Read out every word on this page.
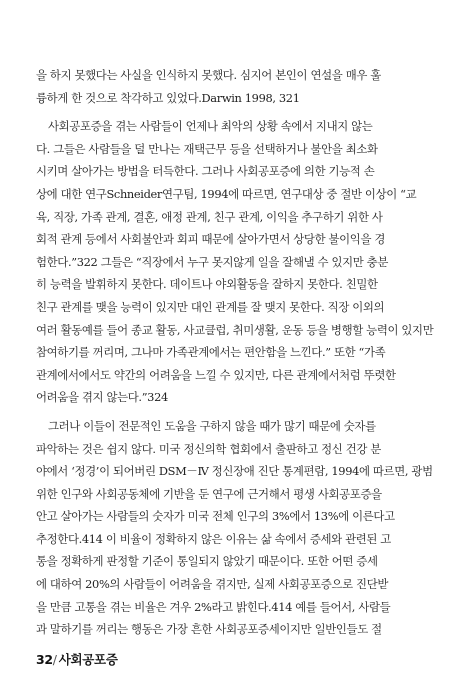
을 하지 못했다는 사실을 인식하지 못했다. 심지어 본인이 연설을 매우 훌
륭하게 한 것으로 착각하고 있었다.Darwin 1998, 321
사회공포증을 겪는 사람들이 언제나 최악의 상황 속에서 지내지 않는
다. 그들은 사람들을 덜 만나는 재택근무 등을 선택하거나 불안을 최소화
시키며 살아가는 방법을 터득한다. 그러나 사회공포증에 의한 기능적 손
상에 대한 연구Schneider연구팀, 1994에 따르면, 연구대상 중 절반 이상이 “교
육, 직장, 가족 관계, 결혼, 애정 관계, 친구 관계, 이익을 추구하기 위한 사
회적 관계 등에서 사회불안과 회피 때문에 살아가면서 상당한 불이익을 경
험한다.”322 그들은 “직장에서 누구 못지않게 일을 잘해낼 수 있지만 충분
히 능력을 발휘하지 못한다. 데이트나 야외활동을 잘하지 못한다. 친밀한
친구 관계를 맺을 능력이 있지만 대인 관계를 잘 맺지 못한다. 직장 이외의
여러 활동예를 들어 종교 활동, 사교클럽, 취미생활, 운동 등을 병행할 능력이 있지만
참여하기를 꺼리며, 그나마 가족관계에서는 편안함을 느낀다.” 또한 “가족
관계에서에서도 약간의 어려움을 느낄 수 있지만, 다른 관계에서처럼 뚜렷한
어려움을 겪지 않는다.”324
그러나 이들이 전문적인 도움을 구하지 않을 때가 많기 때문에 숫자를
파악하는 것은 쉽지 않다. 미국 정신의학 협회에서 출판하고 정신 건강 분
야에서 ‘정경’이 되어버린 DSM－Ⅳ 정신장애 진단 통계편람, 1994에 따르면, 광범
위한 인구와 사회공동체에 기반을 둔 연구에 근거해서 평생 사회공포증을
안고 살아가는 사람들의 숫자가 미국 전체 인구의 3%에서 13%에 이른다고
추정한다.414 이 비율이 정확하지 않은 이유는 삶 속에서 증세와 관련된 고
통을 정확하게 판정할 기준이 통일되지 않았기 때문이다. 또한 어떤 증세
에 대하여 20%의 사람들이 어려움을 겪지만, 실제 사회공포증으로 진단받
을 만큼 고통을 겪는 비율은 겨우 2%라고 밝힌다.414 예를 들어서, 사람들
과 말하기를 꺼리는 행동은 가장 흔한 사회공포증세이지만 일반인들도 절
32/ 사회공포증
